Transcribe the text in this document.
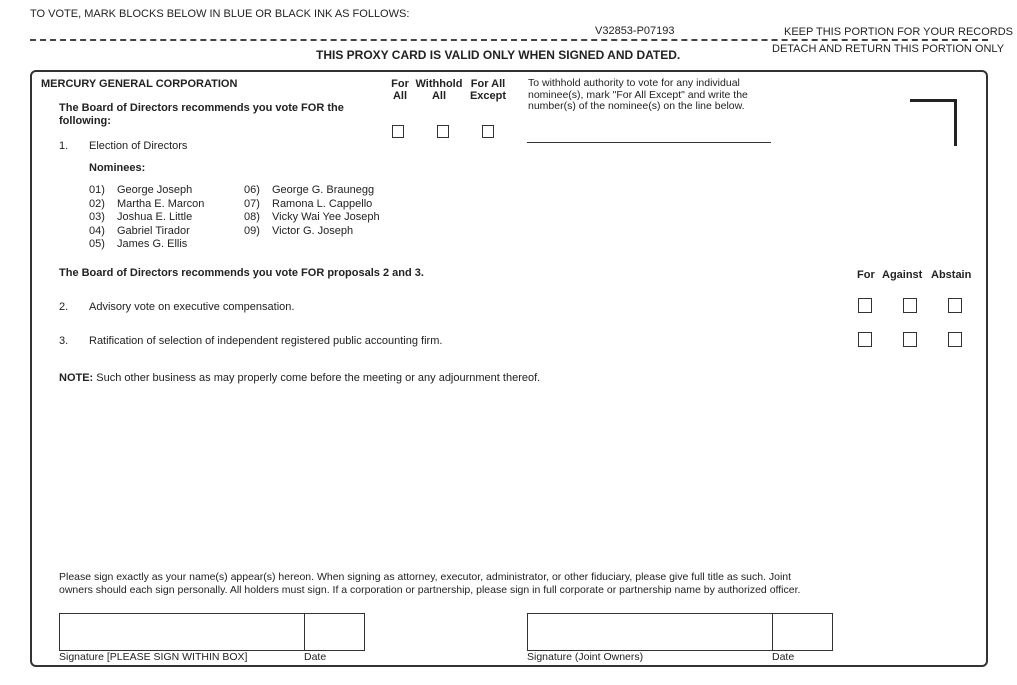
TO VOTE, MARK BLOCKS BELOW IN BLUE OR BLACK INK AS FOLLOWS:
V32853-P07193	KEEP THIS PORTION FOR YOUR RECORDS
DETACH AND RETURN THIS PORTION ONLY
THIS PROXY CARD IS VALID ONLY WHEN SIGNED AND DATED.
MERCURY GENERAL CORPORATION
The Board of Directors recommends you vote FOR the following:
For
All
Withhold
All
For All
Except
To withhold authority to vote for any individual
nominee(s), mark "For All Except" and write the
number(s) of the nominee(s) on the line below.
1. Election of Directors
Nominees:
01) George Joseph
02) Martha E. Marcon
03) Joshua E. Little
04) Gabriel Tirador
05) James G. Ellis
06) George G. Braunegg
07) Ramona L. Cappello
08) Vicky Wai Yee Joseph
09) Victor G. Joseph
The Board of Directors recommends you vote FOR proposals 2 and 3.	For Against Abstain
2. Advisory vote on executive compensation.
3. Ratification of selection of independent registered public accounting firm.
NOTE: Such other business as may properly come before the meeting or any adjournment thereof.
Please sign exactly as your name(s) appear(s) hereon. When signing as attorney, executor, administrator, or other fiduciary, please give full title as such. Joint
owners should each sign personally. All holders must sign. If a corporation or partnership, please sign in full corporate or partnership name by authorized officer.
Signature [PLEASE SIGN WITHIN BOX]	Date	Signature (Joint Owners)	Date
